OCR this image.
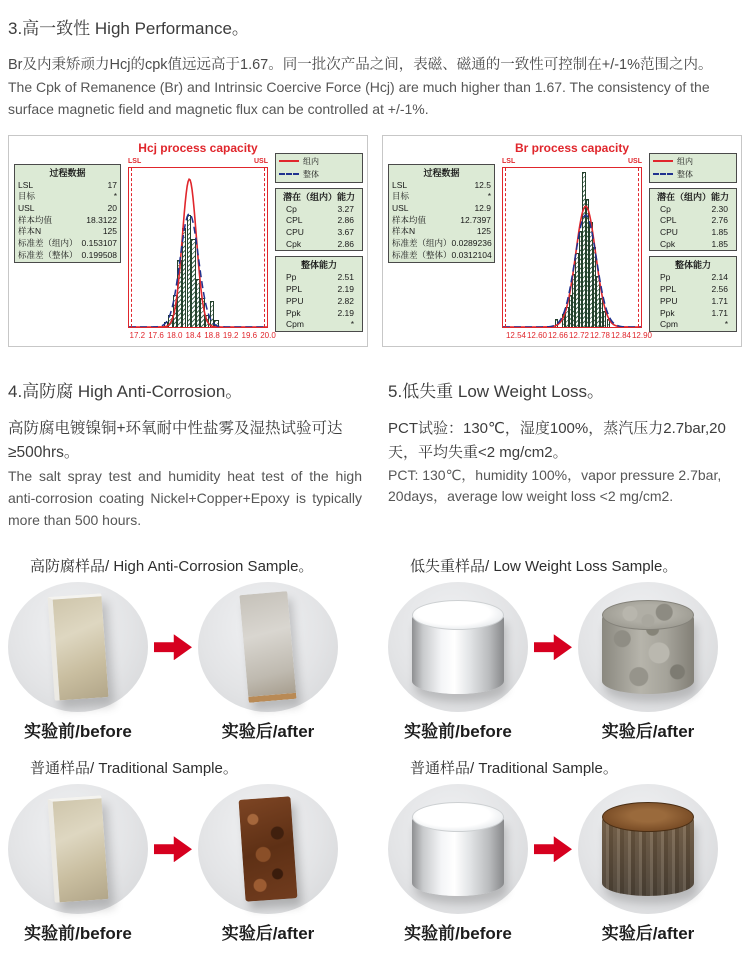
3.高一致性 High Performance。

Br及内秉矫顽力Hcj的cpk值远远高于1.67。同一批次产品之间，表磁、磁通的一致性可控制在+/-1%范围之内。

The Cpk of Remanence (Br) and Intrinsic Coercive Force (Hcj) are much higher than 1.67. The consistency of the surface magnetic field and magnetic flux can be controlled at +/-1%.

过程数据
LSL	17
目标	*
USL	20
样本均值	18.3122
样本N	125
标准差（组内） 0.153107
标准差（整体） 0.199508
Hcj process capacity
LSL	USL
17.2 17.6 18.0 18.4 18.8 19.2 19.6 20.0
组内
整体
潜在（组内）能力
Cp	3.27
CPL	2.86
CPU	3.67
Cpk	2.86
整体能力
Pp	2.51
PPL	2.19
PPU	2.82
Ppk	2.19
Cpm	*
过程数据
LSL	12.5
目标	*
USL	12.9
样本均值	12.7397
样本N	125
标准差（组内） 0.0289236
标准差（整体） 0.0312104
Br process capacity
LSL	USL
12.54 12.60 12.66 12.72 12.78 12.84 12.90
组内
整体
潜在（组内）能力
Cp	2.30
CPL	2.76
CPU	1.85
Cpk	1.85
整体能力
Pp	2.14
PPL	2.56
PPU	1.71
Ppk	1.71
Cpm	*
4.高防腐 High Anti-Corrosion。

高防腐电镀镍铜+环氧耐中性盐雾及湿热试验可达≥500hrs。

The salt spray test and humidity heat test of the high anti-corrosion coating Nickel+Copper+Epoxy is typically more than 500 hours.

5.低失重 Low Weight Loss。

PCT试验：130℃，湿度100%，蒸汽压力2.7bar,20天，平均失重<2 mg/cm2。

PCT: 130℃，humidity 100%，vapor pressure 2.7bar, 20days，average low weight loss <2 mg/cm2.

高防腐样品/ High Anti-Corrosion Sample。
实验前/before	实验后/after
普通样品/ Traditional Sample。
实验前/before	实验后/after
低失重样品/ Low Weight Loss Sample。
实验前/before	实验后/after
普通样品/ Traditional Sample。
实验前/before	实验后/after
